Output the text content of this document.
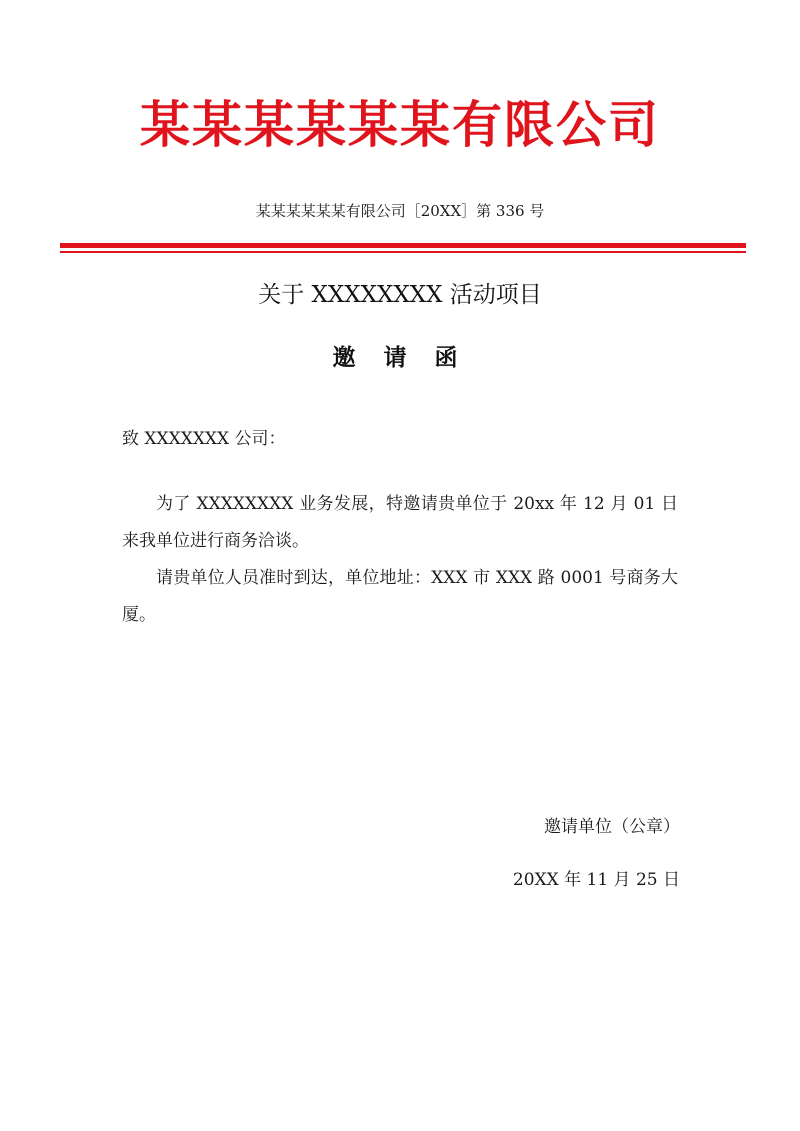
某某某某某某有限公司
某某某某某某有限公司［20XX］第 336 号
关于 XXXXXXXX 活动项目
邀 请 函
致 XXXXXXX 公司：

为了 XXXXXXXX 业务发展，特邀请贵单位于 20xx 年 12 月 01 日来我单位进行商务洽谈。

请贵单位人员准时到达，单位地址：XXX 市 XXX 路 0001 号商务大厦。

邀请单位（公章）
20XX 年 11 月 25 日
